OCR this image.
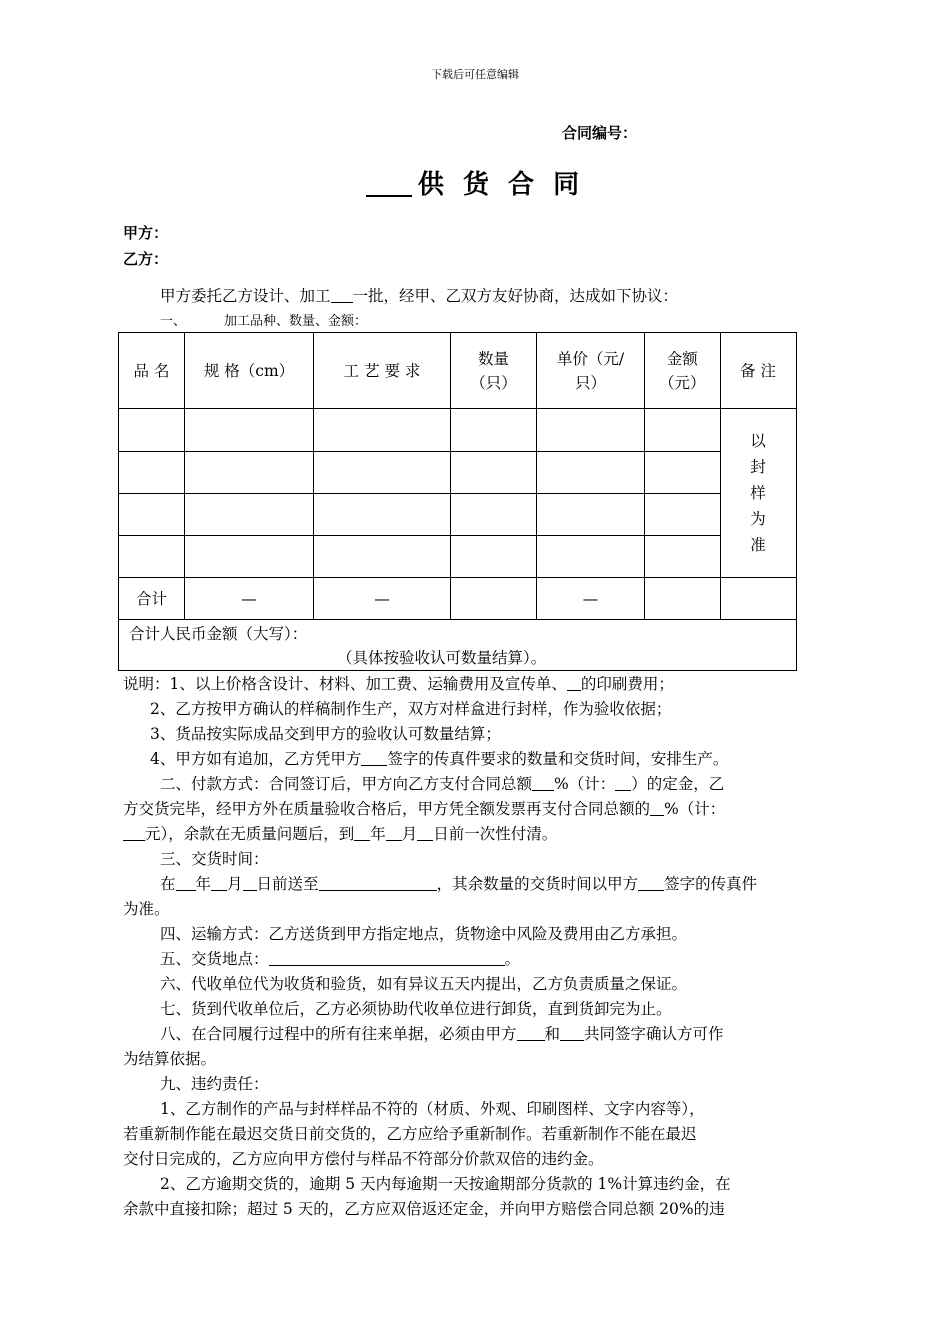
下载后可任意编辑
合同编号：
供 货 合 同
甲方：
乙方：
甲方委托乙方设计、加工 一批，经甲、乙双方友好协商，达成如下协议：
一、	加工品种、数量、金额：
品 名	规 格（cm）	工 艺 要 求	数量（只）	单价（元/只）	金额（元）	备 注

						以封样为准

合计	—	—		—		

合计人民币金额（大写）：
（具体按验收认可数量结算）。						
说明：1、以上价格含设计、材料、加工费、运输费用及宣传单、 的印刷费用；
2、乙方按甲方确认的样稿制作生产，双方对样盒进行封样，作为验收依据；
3、货品按实际成品交到甲方的验收认可数量结算；
4、甲方如有追加，乙方凭甲方 签字的传真件要求的数量和交货时间，安排生产。
二、付款方式：合同签订后，甲方向乙方支付合同总额 %（计： ）的定金，乙
方交货完毕，经甲方外在质量验收合格后，甲方凭全额发票再支付合同总额的 %（计：
元），余款在无质量问题后，到 年 月 日前一次性付清。
三、交货时间：
在 年 月 日前送至	，其余数量的交货时间以甲方 签字的传真件
为准。
四、运输方式：乙方送货到甲方指定地点，货物途中风险及费用由乙方承担。
五、交货地点：	。
六、代收单位代为收货和验货，如有异议五天内提出，乙方负责质量之保证。
七、货到代收单位后，乙方必须协助代收单位进行卸货，直到货卸完为止。
八、在合同履行过程中的所有往来单据，必须由甲方 和 共同签字确认方可作
为结算依据。
九、违约责任：
1、乙方制作的产品与封样样品不符的（材质、外观、印刷图样、文字内容等），
若重新制作能在最迟交货日前交货的，乙方应给予重新制作。若重新制作不能在最迟
交付日完成的，乙方应向甲方偿付与样品不符部分价款双倍的违约金。
2、乙方逾期交货的，逾期 5 天内每逾期一天按逾期部分货款的 1%计算违约金，在
余款中直接扣除；超过 5 天的，乙方应双倍返还定金，并向甲方赔偿合同总额 20%的违
